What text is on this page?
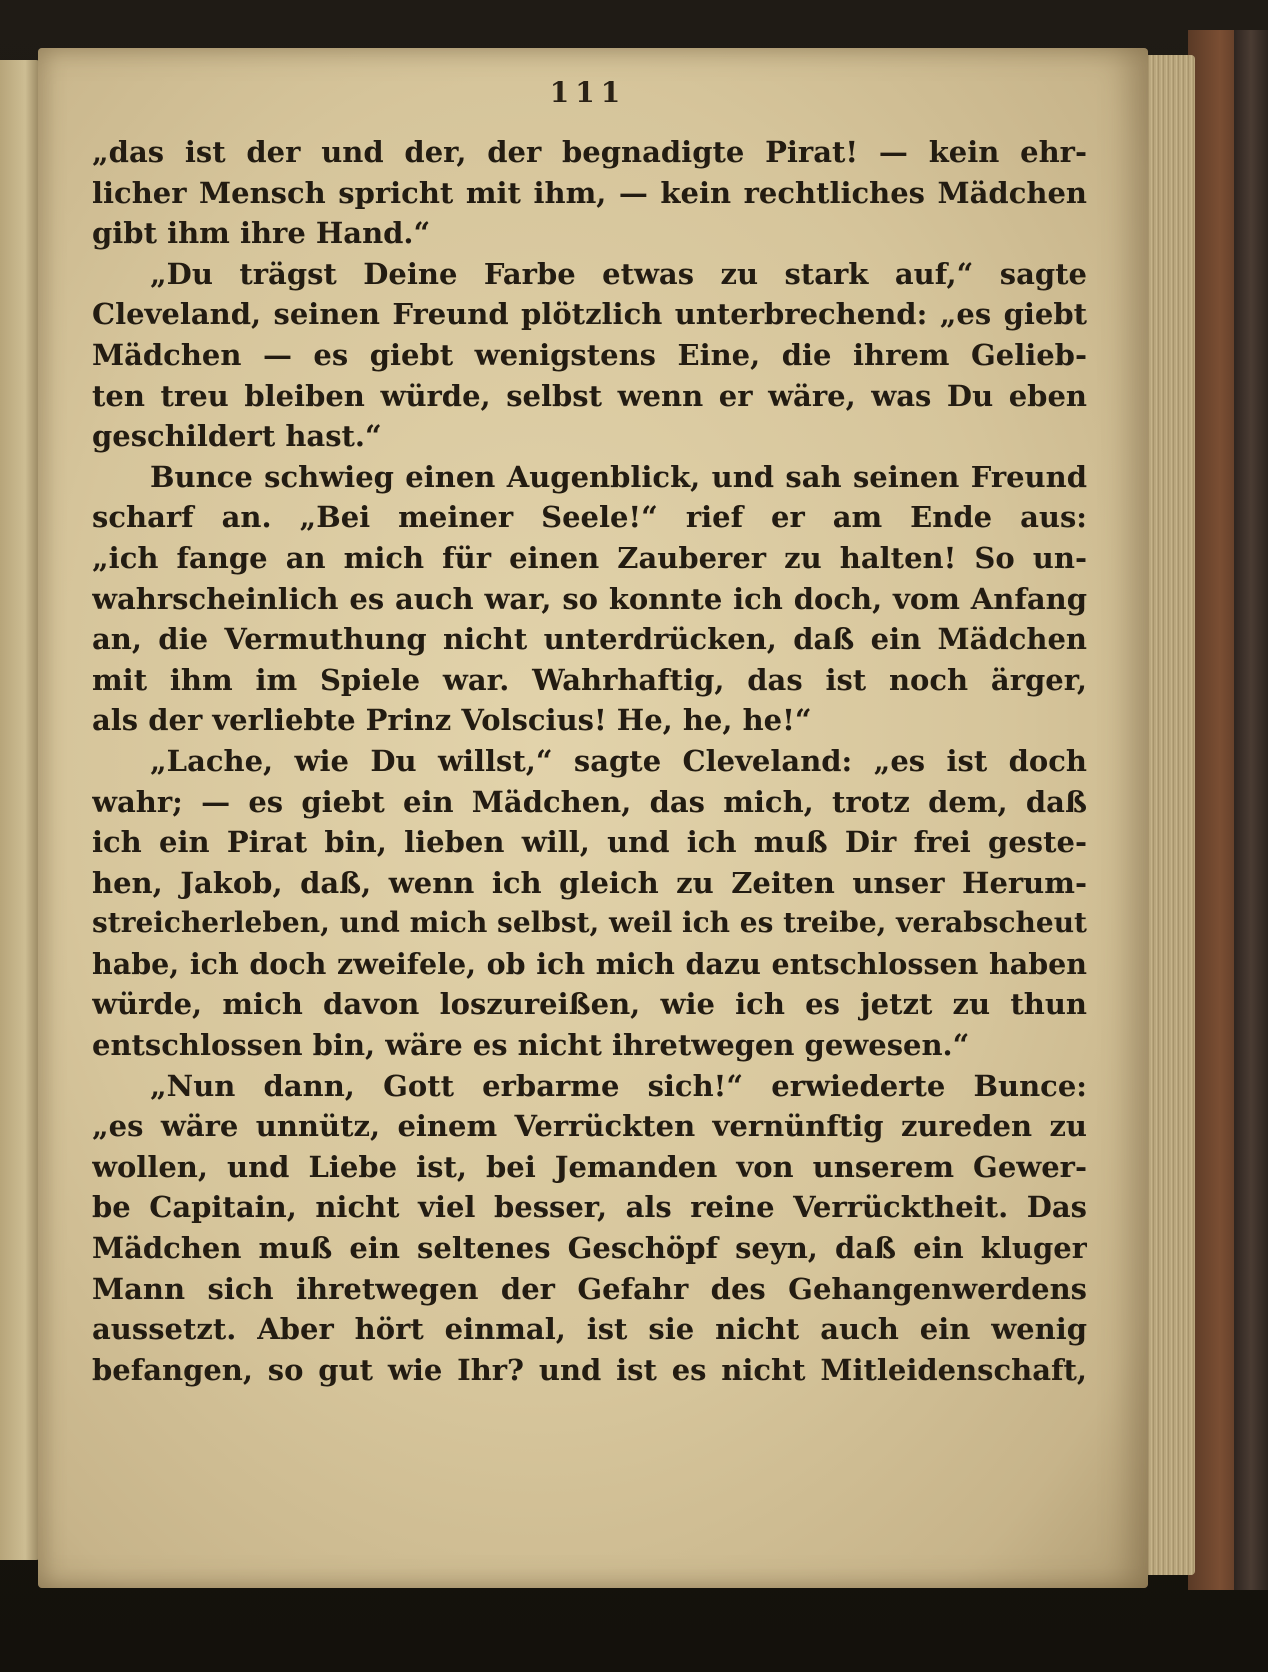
111
„das ist der und der, der begnadigte Pirat! — kein ehr-
licher Mensch spricht mit ihm, — kein rechtliches Mädchen
gibt ihm ihre Hand.“
„Du trägst Deine Farbe etwas zu stark auf,“ sagte
Cleveland, seinen Freund plötzlich unterbrechend: „es giebt
Mädchen — es giebt wenigstens Eine, die ihrem Gelieb-
ten treu bleiben würde, selbst wenn er wäre, was Du eben
geschildert hast.“
Bunce schwieg einen Augenblick, und sah seinen Freund
scharf an. „Bei meiner Seele!“ rief er am Ende aus:
„ich fange an mich für einen Zauberer zu halten! So un-
wahrscheinlich es auch war, so konnte ich doch, vom Anfang
an, die Vermuthung nicht unterdrücken, daß ein Mädchen
mit ihm im Spiele war. Wahrhaftig, das ist noch ärger,
als der verliebte Prinz Volscius! He, he, he!“
„Lache, wie Du willst,“ sagte Cleveland: „es ist doch
wahr; — es giebt ein Mädchen, das mich, trotz dem, daß
ich ein Pirat bin, lieben will, und ich muß Dir frei geste-
hen, Jakob, daß, wenn ich gleich zu Zeiten unser Herum-
streicherleben, und mich selbst, weil ich es treibe, verabscheut
habe, ich doch zweifele, ob ich mich dazu entschlossen haben
würde, mich davon loszureißen, wie ich es jetzt zu thun
entschlossen bin, wäre es nicht ihretwegen gewesen.“
„Nun dann, Gott erbarme sich!“ erwiederte Bunce:
„es wäre unnütz, einem Verrückten vernünftig zureden zu
wollen, und Liebe ist, bei Jemanden von unserem Gewer-
be Capitain, nicht viel besser, als reine Verrücktheit. Das
Mädchen muß ein seltenes Geschöpf seyn, daß ein kluger
Mann sich ihretwegen der Gefahr des Gehangenwerdens
aussetzt. Aber hört einmal, ist sie nicht auch ein wenig
befangen, so gut wie Ihr? und ist es nicht Mitleidenschaft,
